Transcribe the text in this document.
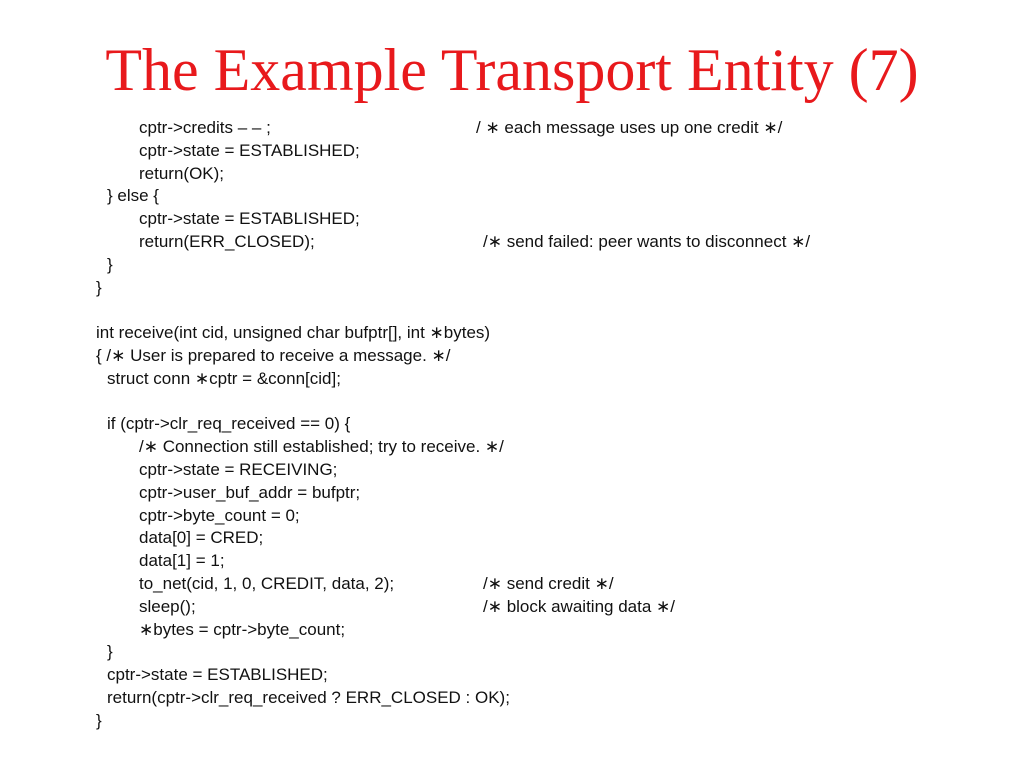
The Example Transport Entity (7)
cptr->credits – – ;	/ ∗ each message uses up one credit ∗/
cptr->state = ESTABLISHED;
return(OK);
} else {
cptr->state = ESTABLISHED;
return(ERR_CLOSED);	/∗ send failed: peer wants to disconnect ∗/
}
}
int receive(int cid, unsigned char bufptr[], int ∗bytes)
{ /∗ User is prepared to receive a message. ∗/
struct conn ∗cptr = &conn[cid];
if (cptr->clr_req_received == 0) {
/∗ Connection still established; try to receive. ∗/
cptr->state = RECEIVING;
cptr->user_buf_addr = bufptr;
cptr->byte_count = 0;
data[0] = CRED;
data[1] = 1;
to_net(cid, 1, 0, CREDIT, data, 2);	/∗ send credit ∗/
sleep();	/∗ block awaiting data ∗/
∗bytes = cptr->byte_count;
}
cptr->state = ESTABLISHED;
return(cptr->clr_req_received ? ERR_CLOSED : OK);
}
